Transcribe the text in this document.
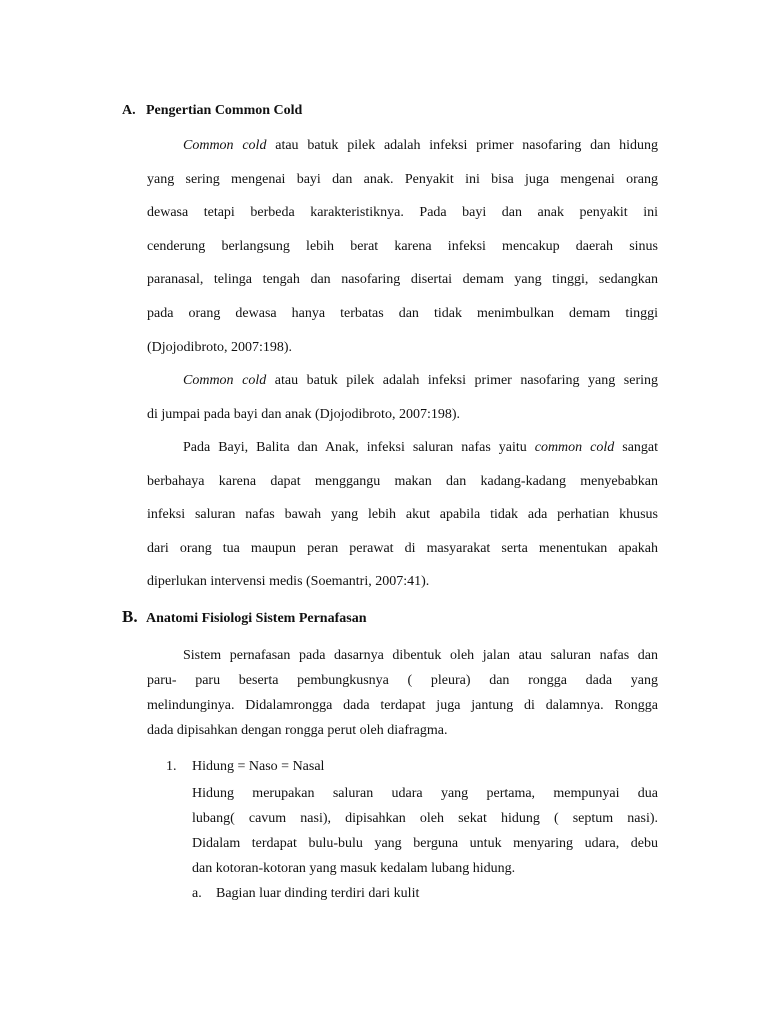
A. Pengertian Common Cold
Common cold atau batuk pilek adalah infeksi primer nasofaring dan hidung
yang sering mengenai bayi dan anak. Penyakit ini bisa juga mengenai orang
dewasa tetapi berbeda karakteristiknya. Pada bayi dan anak penyakit ini
cenderung berlangsung lebih berat karena infeksi mencakup daerah sinus
paranasal, telinga tengah dan nasofaring disertai demam yang tinggi, sedangkan
pada orang dewasa hanya terbatas dan tidak menimbulkan demam tinggi
(Djojodibroto, 2007:198).
Common cold atau batuk pilek adalah infeksi primer nasofaring yang sering
di jumpai pada bayi dan anak (Djojodibroto, 2007:198).
Pada Bayi, Balita dan Anak, infeksi saluran nafas yaitu common cold sangat
berbahaya karena dapat menggangu makan dan kadang-kadang menyebabkan
infeksi saluran nafas bawah yang lebih akut apabila tidak ada perhatian khusus
dari orang tua maupun peran perawat di masyarakat serta menentukan apakah
diperlukan intervensi medis (Soemantri, 2007:41).
B. Anatomi Fisiologi Sistem Pernafasan
Sistem pernafasan pada dasarnya dibentuk oleh jalan atau saluran nafas dan
paru- paru beserta pembungkusnya ( pleura) dan rongga dada yang
melindunginya. Didalamrongga dada terdapat juga jantung di dalamnya. Rongga
dada dipisahkan dengan rongga perut oleh diafragma.
1. Hidung = Naso = Nasal
Hidung merupakan saluran udara yang pertama, mempunyai dua
lubang( cavum nasi), dipisahkan oleh sekat hidung ( septum nasi).
Didalam terdapat bulu-bulu yang berguna untuk menyaring udara, debu
dan kotoran-kotoran yang masuk kedalam lubang hidung.
a. Bagian luar dinding terdiri dari kulit
